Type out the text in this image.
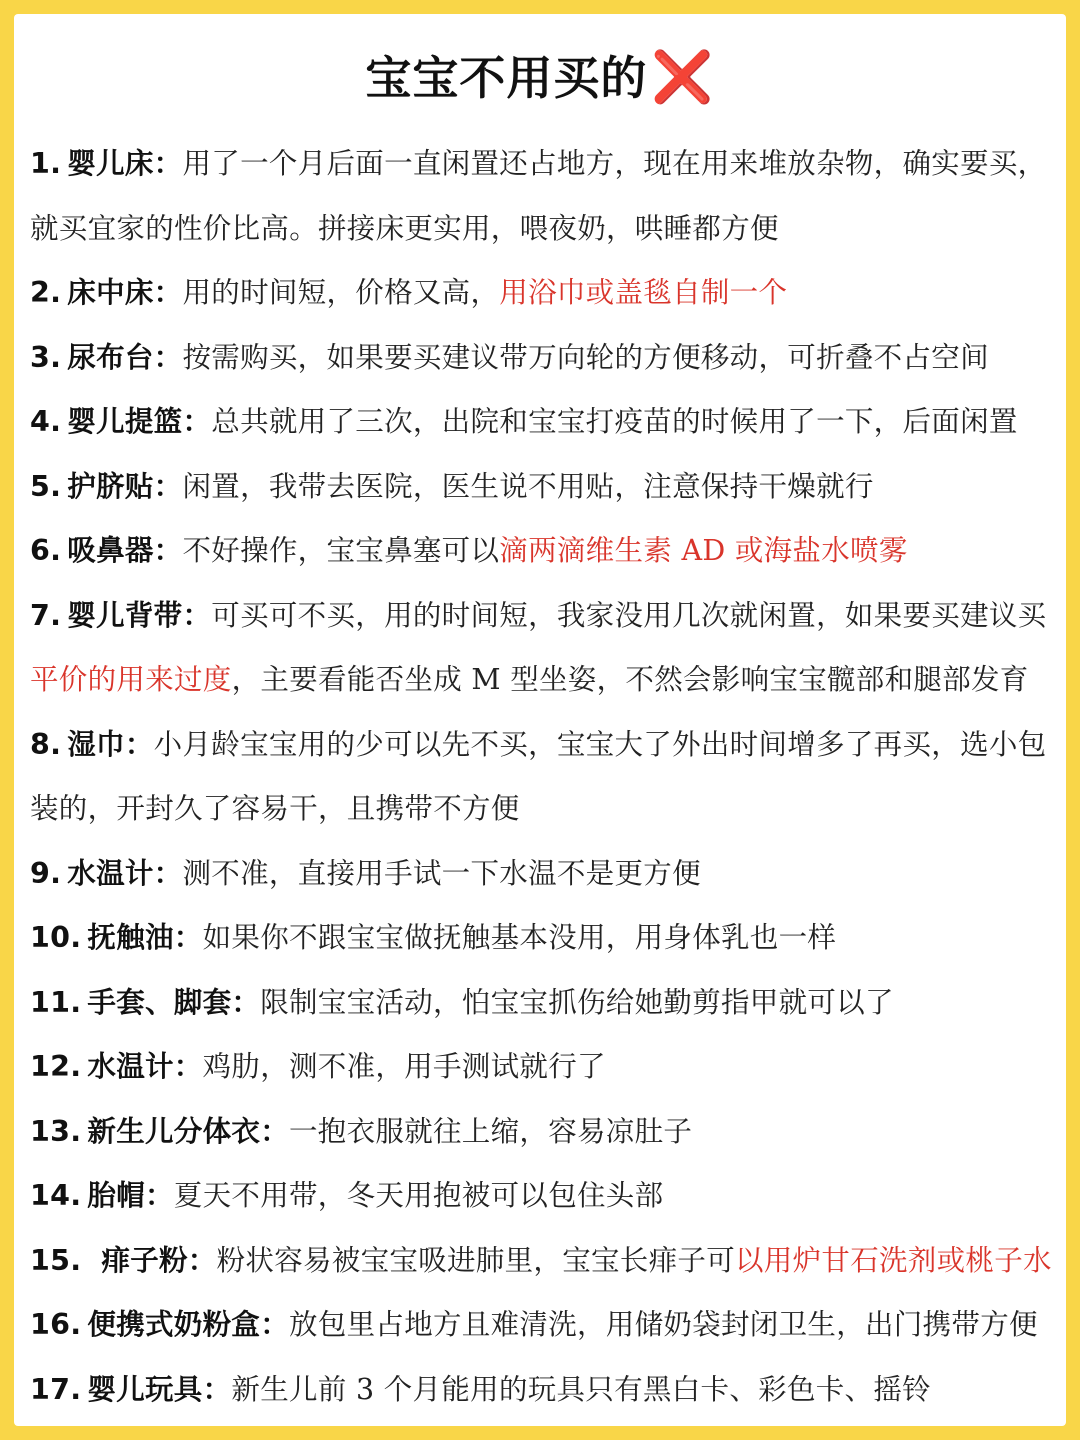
宝宝不用买的❌

1. 婴儿床：用了一个月后面一直闲置还占地方，现在用来堆放杂物，确实要买，就买宜家的性价比高。拼接床更实用，喂夜奶，哄睡都方便

2. 床中床：用的时间短，价格又高，用浴巾或盖毯自制一个

3. 尿布台：按需购买，如果要买建议带万向轮的方便移动，可折叠不占空间

4. 婴儿提篮：总共就用了三次，出院和宝宝打疫苗的时候用了一下，后面闲置

5. 护脐贴：闲置，我带去医院，医生说不用贴，注意保持干燥就行

6. 吸鼻器：不好操作，宝宝鼻塞可以滴两滴维生素 AD 或海盐水喷雾

7. 婴儿背带：可买可不买，用的时间短，我家没用几次就闲置，如果要买建议买平价的用来过度，主要看能否坐成 M 型坐姿，不然会影响宝宝髋部和腿部发育

8. 湿巾：小月龄宝宝用的少可以先不买，宝宝大了外出时间增多了再买，选小包装的，开封久了容易干，且携带不方便

9. 水温计：测不准，直接用手试一下水温不是更方便

10. 抚触油：如果你不跟宝宝做抚触基本没用，用身体乳也一样

11. 手套、脚套：限制宝宝活动，怕宝宝抓伤给她勤剪指甲就可以了

12. 水温计：鸡肋，测不准，用手测试就行了

13. 新生儿分体衣：一抱衣服就往上缩，容易凉肚子

14. 胎帽：夏天不用带，冬天用抱被可以包住头部

15. 痱子粉：粉状容易被宝宝吸进肺里，宝宝长痱子可以用炉甘石洗剂或桃子水

16. 便携式奶粉盒：放包里占地方且难清洗，用储奶袋封闭卫生，出门携带方便

17. 婴儿玩具：新生儿前 3 个月能用的玩具只有黑白卡、彩色卡、摇铃
